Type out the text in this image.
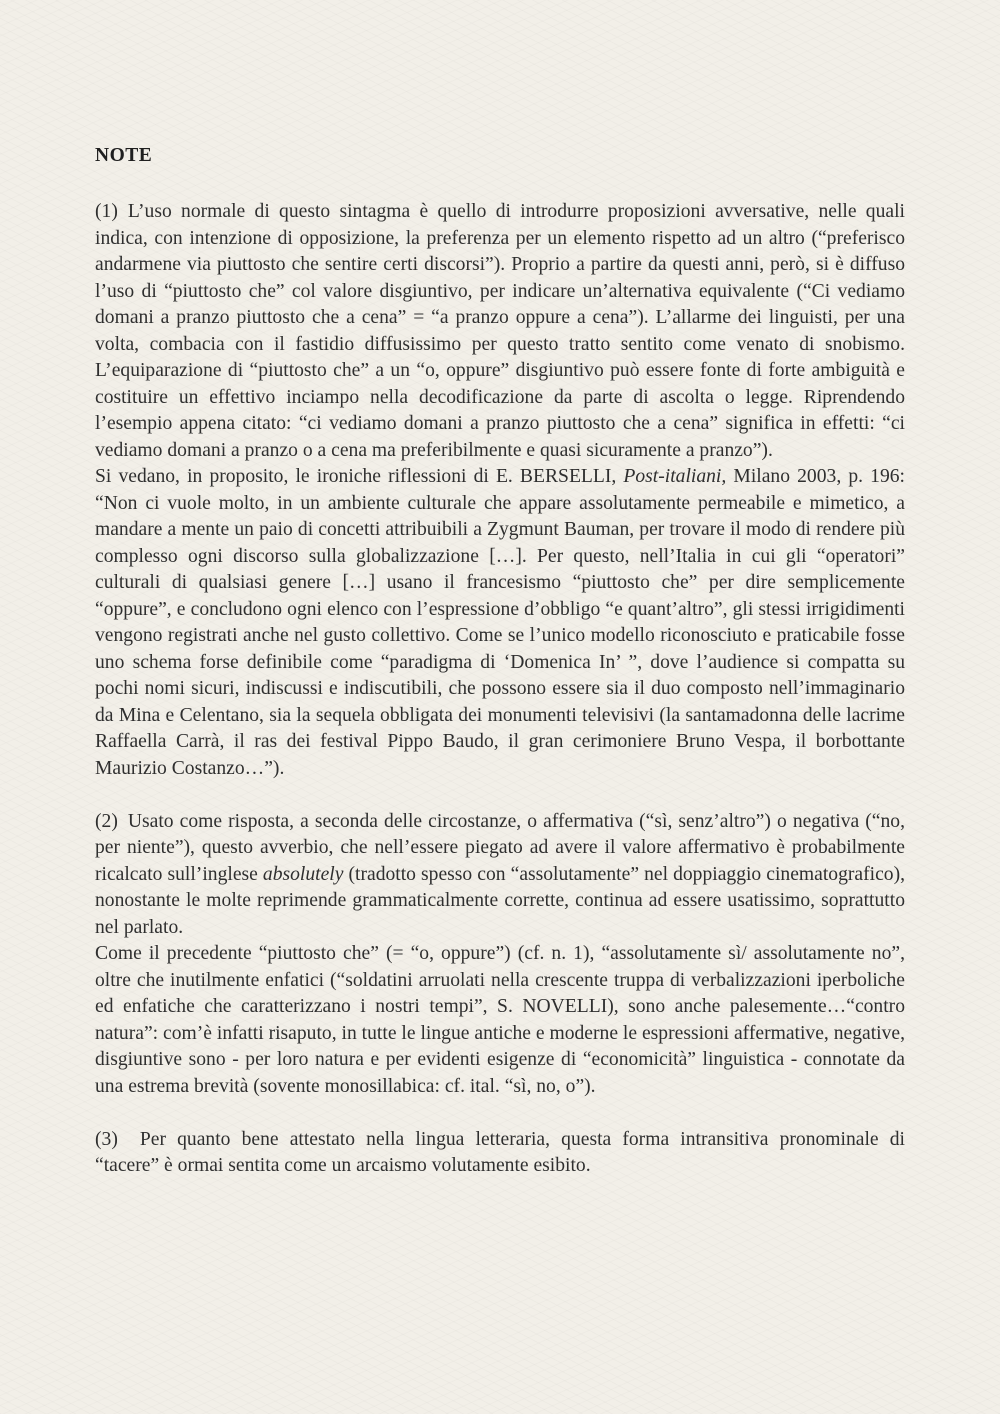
NOTE

(1) L’uso normale di questo sintagma è quello di introdurre proposizioni avversative, nelle quali indica, con intenzione di opposizione, la preferenza per un elemento rispetto ad un altro (“preferisco andarmene via piuttosto che sentire certi discorsi”). Proprio a partire da questi anni, però, si è diffuso l’uso di “piuttosto che” col valore disgiuntivo, per indicare un’alternativa equivalente (“Ci vediamo domani a pranzo piuttosto che a cena” = “a pranzo oppure a cena”). L’allarme dei linguisti, per una volta, combacia con il fastidio diffusissimo per questo tratto sentito come venato di snobismo. L’equiparazione di “piuttosto che” a un “o, oppure” disgiuntivo può essere fonte di forte ambiguità e costituire un effettivo inciampo nella decodificazione da parte di ascolta o legge. Riprendendo l’esempio appena citato: “ci vediamo domani a pranzo piuttosto che a cena” significa in effetti: “ci vediamo domani a pranzo o a cena ma preferibilmente e quasi sicuramente a pranzo”).

Si vedano, in proposito, le ironiche riflessioni di E. BERSELLI, Post-italiani, Milano 2003, p. 196: “Non ci vuole molto, in un ambiente culturale che appare assolutamente permeabile e mimetico, a mandare a mente un paio di concetti attribuibili a Zygmunt Bauman, per trovare il modo di rendere più complesso ogni discorso sulla globalizzazione […]. Per questo, nell’Italia in cui gli “operatori” culturali di qualsiasi genere […] usano il francesismo “piuttosto che” per dire semplicemente “oppure”, e concludono ogni elenco con l’espressione d’obbligo “e quant’altro”, gli stessi irrigidimenti vengono registrati anche nel gusto collettivo. Come se l’unico modello riconosciuto e praticabile fosse uno schema forse definibile come “paradigma di ‘Domenica In’ ”, dove l’audience si compatta su pochi nomi sicuri, indiscussi e indiscutibili, che possono essere sia il duo composto nell’immaginario da Mina e Celentano, sia la sequela obbligata dei monumenti televisivi (la santamadonna delle lacrime Raffaella Carrà, il ras dei festival Pippo Baudo, il gran cerimoniere Bruno Vespa, il borbottante Maurizio Costanzo…”).

(2) Usato come risposta, a seconda delle circostanze, o affermativa (“sì, senz’altro”) o negativa (“no, per niente”), questo avverbio, che nell’essere piegato ad avere il valore affermativo è probabilmente ricalcato sull’inglese absolutely (tradotto spesso con “assolutamente” nel doppiaggio cinematografico), nonostante le molte reprimende grammaticalmente corrette, continua ad essere usatissimo, soprattutto nel parlato.

Come il precedente “piuttosto che” (= “o, oppure”) (cf. n. 1), “assolutamente sì/ assolutamente no”, oltre che inutilmente enfatici (“soldatini arruolati nella crescente truppa di verbalizzazioni iperboliche ed enfatiche che caratterizzano i nostri tempi”, S. NOVELLI), sono anche palesemente…“contro natura”: com’è infatti risaputo, in tutte le lingue antiche e moderne le espressioni affermative, negative, disgiuntive sono - per loro natura e per evidenti esigenze di “economicità” linguistica - connotate da una estrema brevità (sovente monosillabica: cf. ital. “sì, no, o”).

(3) Per quanto bene attestato nella lingua letteraria, questa forma intransitiva pronominale di “tacere” è ormai sentita come un arcaismo volutamente esibito.
